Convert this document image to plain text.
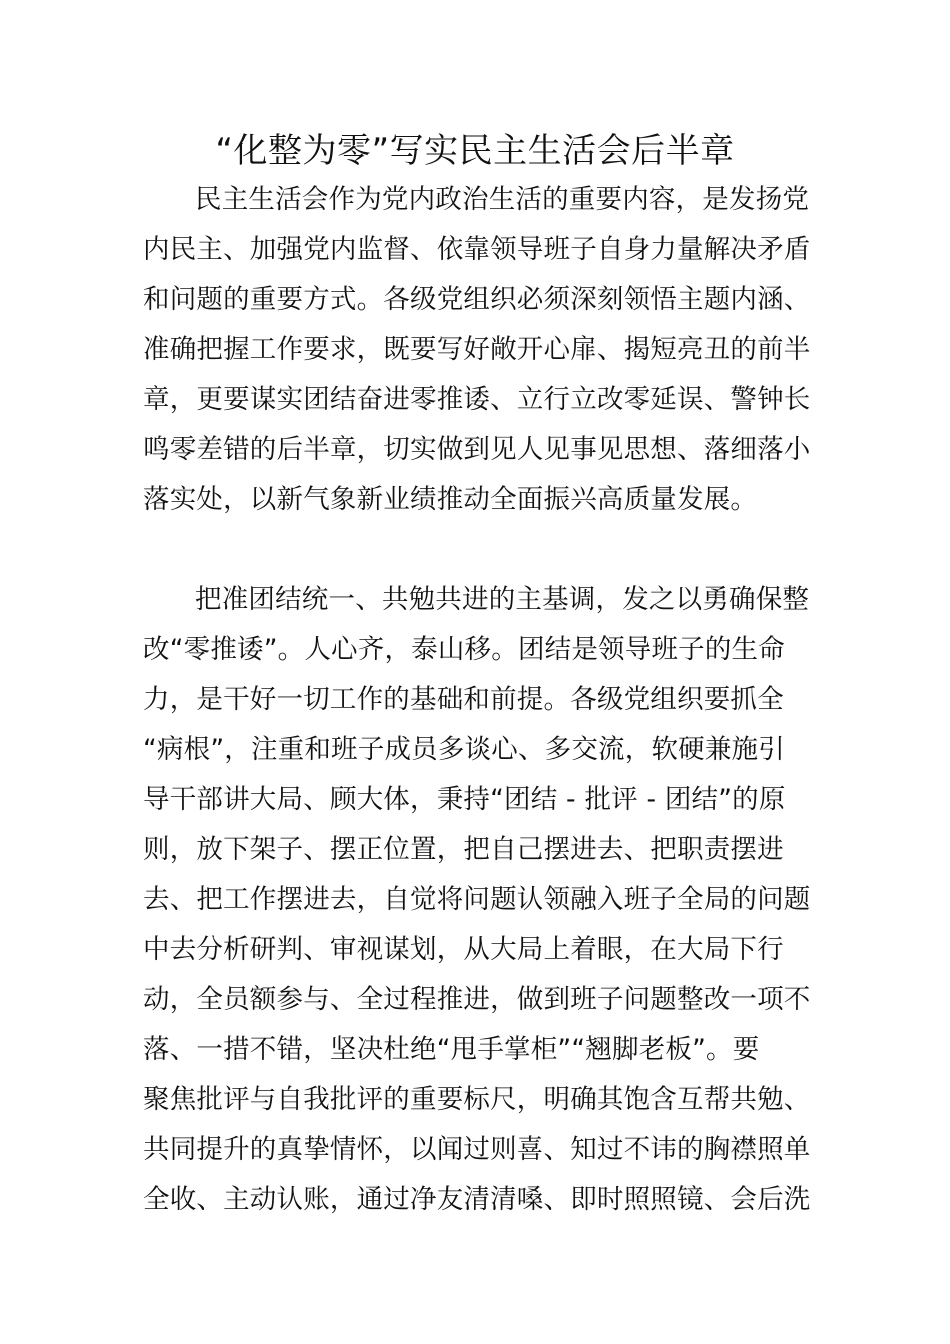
“化整为零”写实民主生活会后半章
民主生活会作为党内政治生活的重要内容，是发扬党
内民主、加强党内监督、依靠领导班子自身力量解决矛盾
和问题的重要方式。各级党组织必须深刻领悟主题内涵、
准确把握工作要求，既要写好敞开心扉、揭短亮丑的前半
章，更要谋实团结奋进零推诿、立行立改零延误、警钟长
鸣零差错的后半章，切实做到见人见事见思想、落细落小
落实处，以新气象新业绩推动全面振兴高质量发展。
把准团结统一、共勉共进的主基调，发之以勇确保整
改“零推诿”。人心齐，泰山移。团结是领导班子的生命
力，是干好一切工作的基础和前提。各级党组织要抓全
“病根”，注重和班子成员多谈心、多交流，软硬兼施引
导干部讲大局、顾大体，秉持“团结 - 批评 - 团结”的原
则，放下架子、摆正位置，把自己摆进去、把职责摆进
去、把工作摆进去，自觉将问题认领融入班子全局的问题
中去分析研判、审视谋划，从大局上着眼，在大局下行
动，全员额参与、全过程推进，做到班子问题整改一项不
落、一措不错，坚决杜绝“甩手掌柜”“翘脚老板”。要
聚焦批评与自我批评的重要标尺，明确其饱含互帮共勉、
共同提升的真挚情怀，以闻过则喜、知过不讳的胸襟照单
全收、主动认账，通过净友清清嗓、即时照照镜、会后洗
